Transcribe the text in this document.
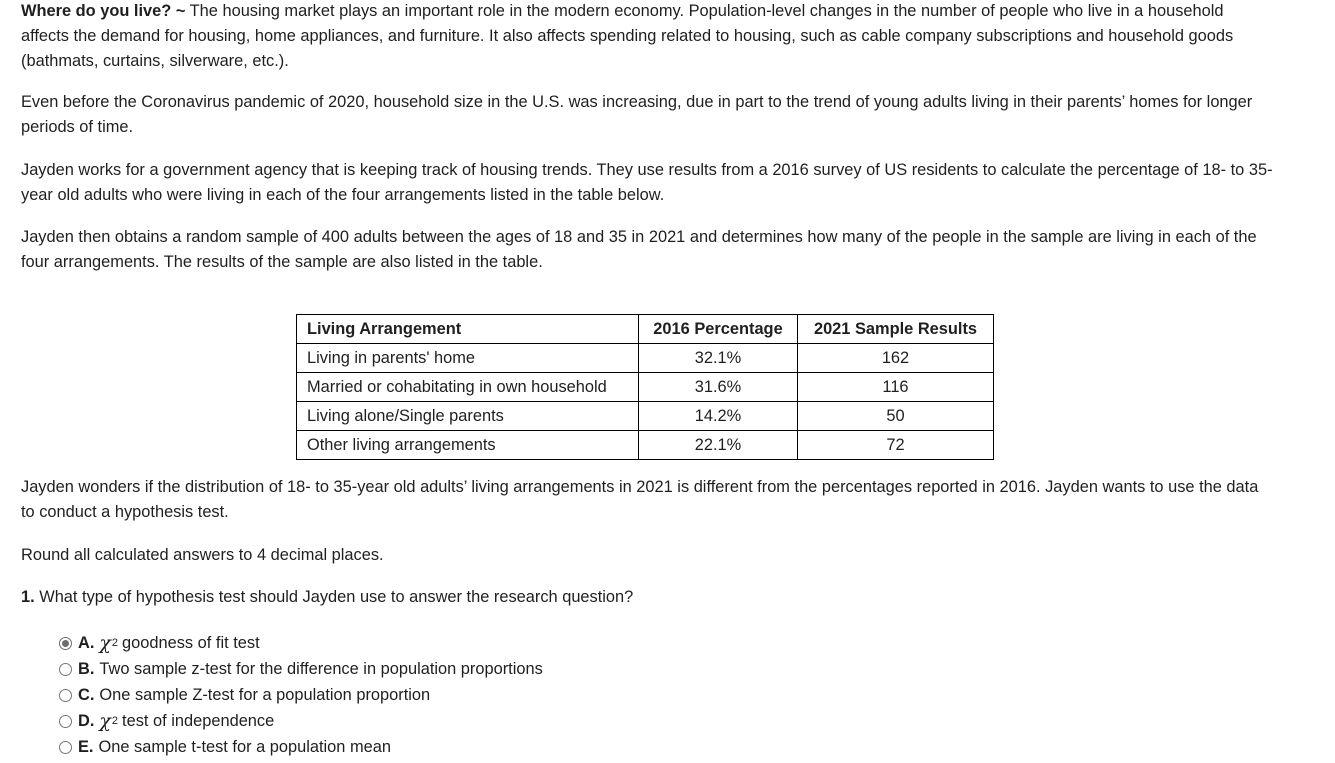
Where do you live? ~ The housing market plays an important role in the modern economy. Population-level changes in the number of people who live in a household affects the demand for housing, home appliances, and furniture. It also affects spending related to housing, such as cable company subscriptions and household goods (bathmats, curtains, silverware, etc.).

Even before the Coronavirus pandemic of 2020, household size in the U.S. was increasing, due in part to the trend of young adults living in their parents’ homes for longer periods of time.

Jayden works for a government agency that is keeping track of housing trends. They use results from a 2016 survey of US residents to calculate the percentage of 18- to 35-year old adults who were living in each of the four arrangements listed in the table below.

Jayden then obtains a random sample of 400 adults between the ages of 18 and 35 in 2021 and determines how many of the people in the sample are living in each of the four arrangements. The results of the sample are also listed in the table.

Living Arrangement	2016 Percentage	2021 Sample Results
Living in parents' home	32.1%	162
Married or cohabitating in own household	31.6%	116
Living alone/Single parents	14.2%	50
Other living arrangements	22.1%	72

Jayden wonders if the distribution of 18- to 35-year old adults’ living arrangements in 2021 is different from the percentages reported in 2016. Jayden wants to use the data to conduct a hypothesis test.

Round all calculated answers to 4 decimal places.

1. What type of hypothesis test should Jayden use to answer the research question?

A. χ 2 goodness of fit test
B. Two sample z-test for the difference in population proportions
C. One sample Z-test for a population proportion
D. χ 2 test of independence
E. One sample t-test for a population mean
